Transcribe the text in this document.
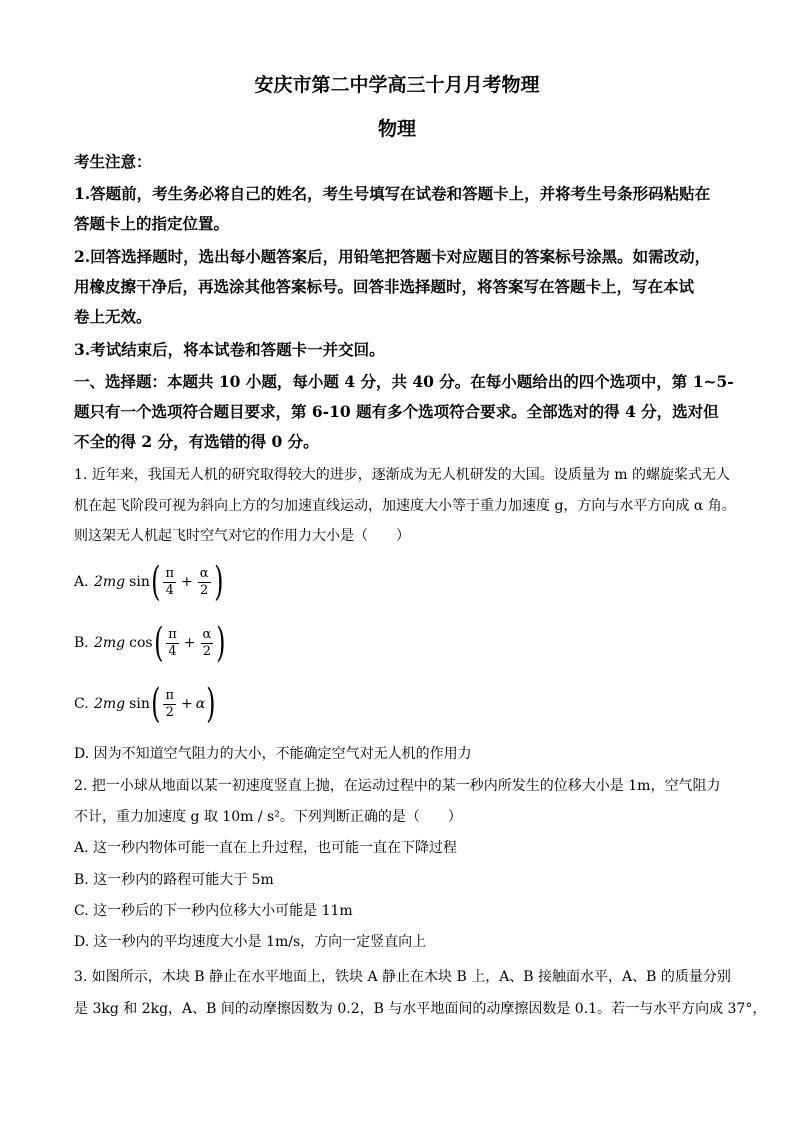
安庆市第二中学高三十月月考物理
物理
考生注意：
1.答题前，考生务必将自己的姓名，考生号填写在试卷和答题卡上，并将考生号条形码粘贴在
答题卡上的指定位置。
2.回答选择题时，选出每小题答案后，用铅笔把答题卡对应题目的答案标号涂黑。如需改动，
用橡皮擦干净后，再选涂其他答案标号。回答非选择题时，将答案写在答题卡上，写在本试
卷上无效。
3.考试结束后，将本试卷和答题卡一并交回。
一、选择题：本题共 10 小题，每小题 4 分，共 40 分。在每小题给出的四个选项中，第 1~5-
题只有一个选项符合题目要求，第 6-10 题有多个选项符合要求。全部选对的得 4 分，选对但
不全的得 2 分，有选错的得 0 分。
1. 近年来，我国无人机的研究取得较大的进步，逐渐成为无人机研发的大国。设质量为 m 的螺旋桨式无人
机在起飞阶段可视为斜向上方的匀加速直线运动，加速度大小等于重力加速度 g，方向与水平方向成 α 角。
则这架无人机起飞时空气对它的作用力大小是（　　）
A. 2mg sin ( $\frac{\pi}{4} + \frac{\alpha}{2}$ )
B. 2mg cos ( $\frac{\pi}{4} + \frac{\alpha}{2}$ )
C. 2mg sin ( $\frac{\pi}{2} + \alpha$ )
D. 因为不知道空气阻力的大小，不能确定空气对无人机的作用力
2. 把一小球从地面以某一初速度竖直上抛，在运动过程中的某一秒内所发生的位移大小是 1m，空气阻力
不计，重力加速度 g 取 10m / s²。下列判断正确的是（　　）
A. 这一秒内物体可能一直在上升过程，也可能一直在下降过程
B. 这一秒内的路程可能大于 5m
C. 这一秒后的下一秒内位移大小可能是 11m
D. 这一秒内的平均速度大小是 1m/s，方向一定竖直向上
3. 如图所示，木块 B 静止在水平地面上，铁块 A 静止在木块 B 上，A、B 接触面水平，A、B 的质量分别
是 3kg 和 2kg，A、B 间的动摩擦因数为 0.2，B 与水平地面间的动摩擦因数是 0.1。若一与水平方向成 37°，
